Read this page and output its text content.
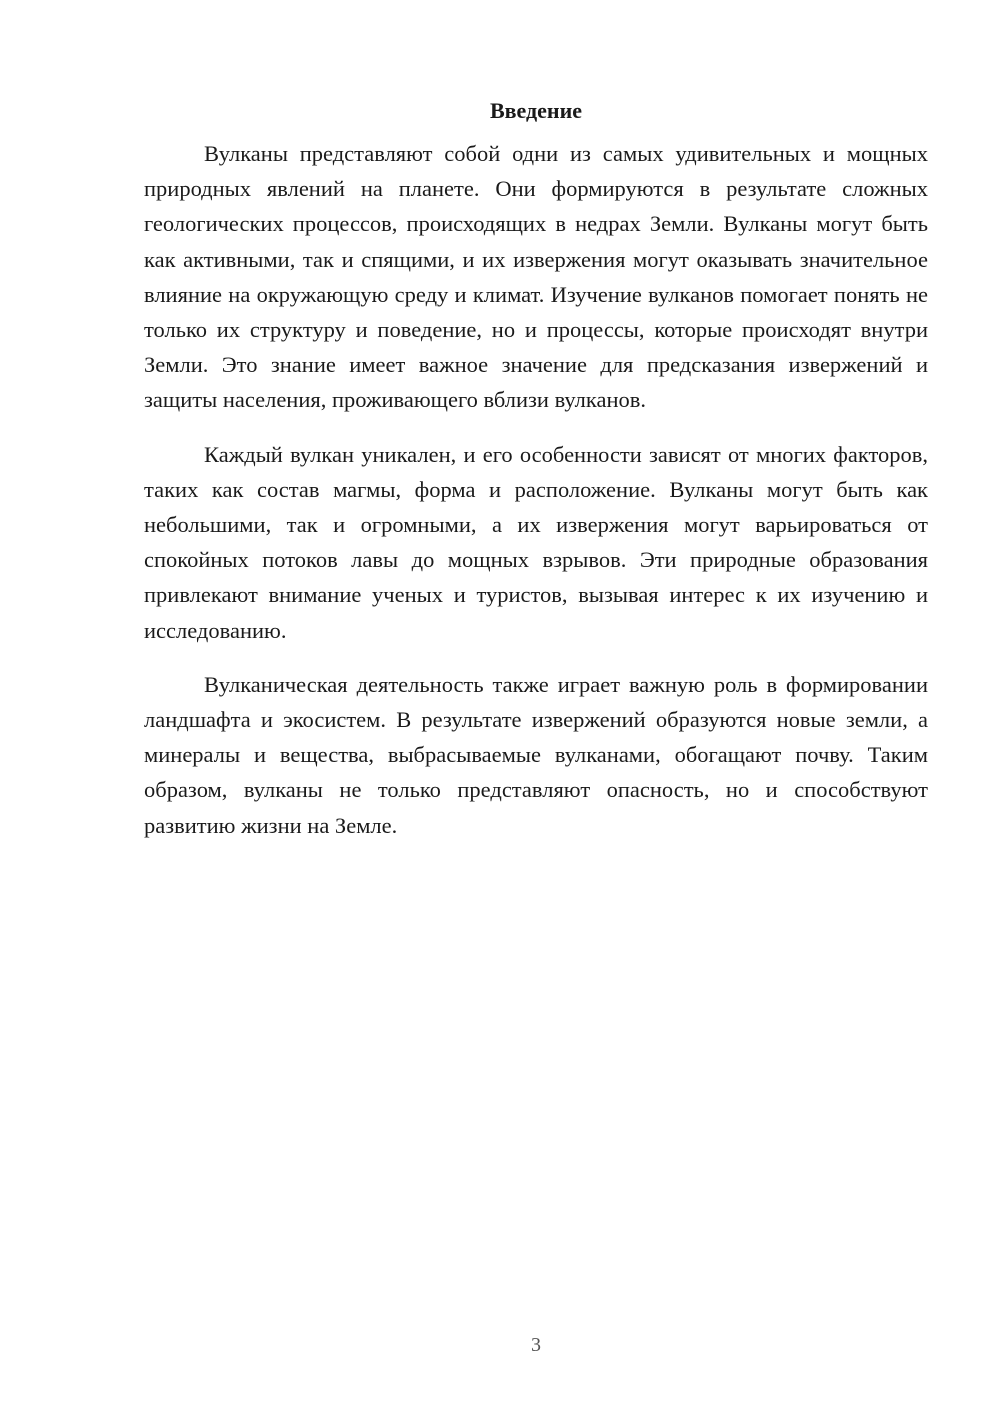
Введение

Вулканы представляют собой одни из самых удивительных и мощных природных явлений на планете. Они формируются в результате сложных геологических процессов, происходящих в недрах Земли. Вулканы могут быть как активными, так и спящими, и их извержения могут оказывать значительное влияние на окружающую среду и климат. Изучение вулканов помогает понять не только их структуру и поведение, но и процессы, которые происходят внутри Земли. Это знание имеет важное значение для предсказания извержений и защиты населения, проживающего вблизи вулканов.

Каждый вулкан уникален, и его особенности зависят от многих факторов, таких как состав магмы, форма и расположение. Вулканы могут быть как небольшими, так и огромными, а их извержения могут варьироваться от спокойных потоков лавы до мощных взрывов. Эти природные образования привлекают внимание ученых и туристов, вызывая интерес к их изучению и исследованию.

Вулканическая деятельность также играет важную роль в формировании ландшафта и экосистем. В результате извержений образуются новые земли, а минералы и вещества, выбрасываемые вулканами, обогащают почву. Таким образом, вулканы не только представляют опасность, но и способствуют развитию жизни на Земле.

3
